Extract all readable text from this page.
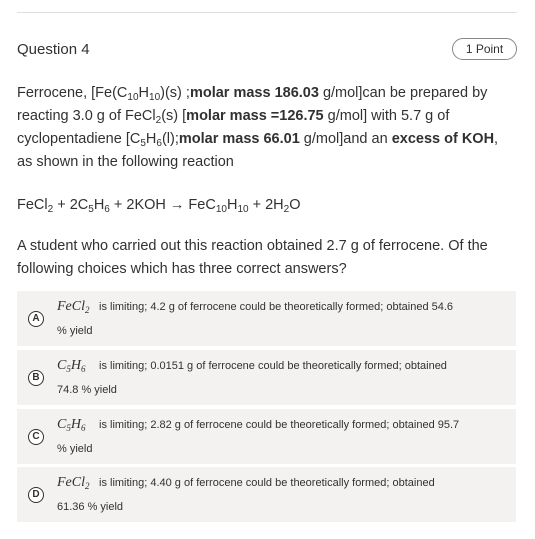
Question 4	1 Point

Ferrocene, [$Fe(C_{10}H_{10})(s)$ ;molar mass 186.03 g/mol]can be prepared by reacting 3.0 g of FeCl$_2$(s) [molar mass =126.75 g/mol] with 5.7 g of cyclopentadiene [$C_5H_6(l);molar$ mass 66.01 g/mol]and an excess of KOH, as shown in the following reaction

FeCl$_2$ + $2C_5H_6 + 2KOH \to FeC_{10}H_{10} + 2H_2O$

A student who carried out this reaction obtained 2.7 g of ferrocene. Of the following choices which has three correct answers?

A
FeCl$_2$ is limiting; 4.2 g of ferrocene could be theoretically formed; obtained 54.6
% yield
B
$C_5H_6$ is limiting; 0.0151 g of ferrocene could be theoretically formed; obtained
74.8 % yield
C
$C_5H_6$ is limiting; 2.82 g of ferrocene could be theoretically formed; obtained 95.7
% yield
D
FeCl$_2$ is limiting; 4.40 g of ferrocene could be theoretically formed; obtained
61.36 % yield
